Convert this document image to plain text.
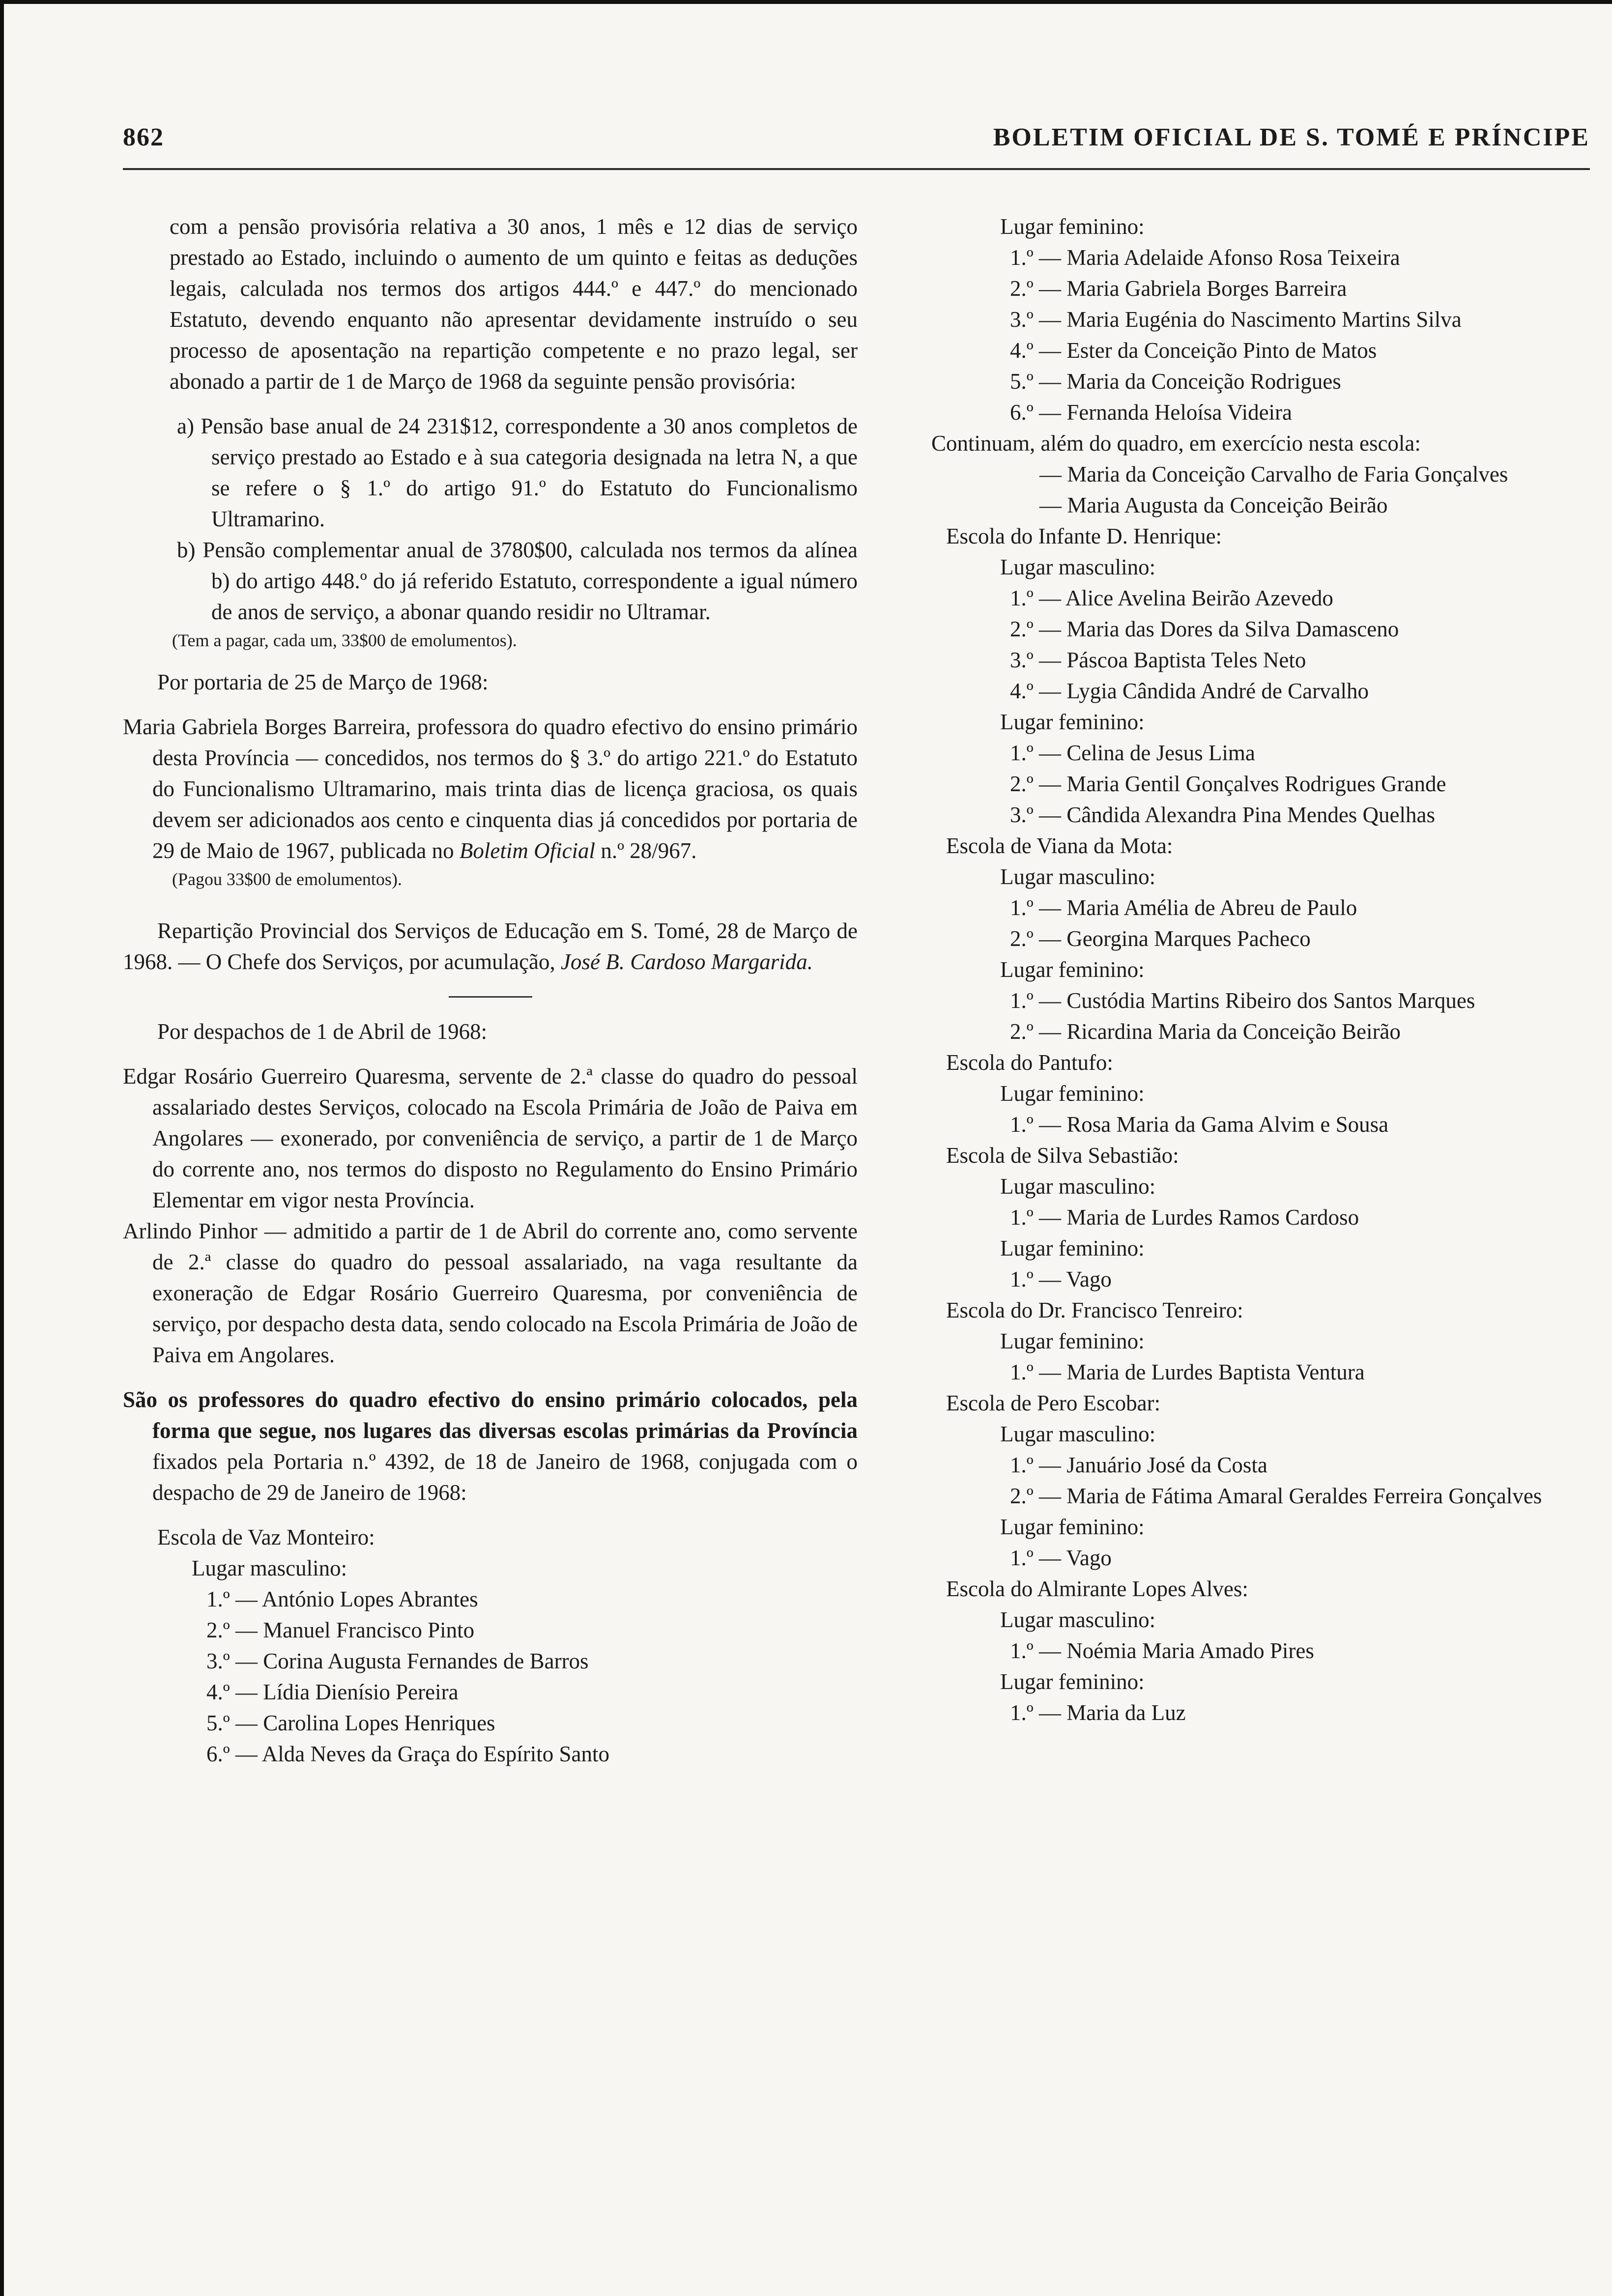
862	BOLETIM OFICIAL DE S. TOMÉ E PRÍNCIPE

com a pensão provisória relativa a 30 anos, 1 mês e 12 dias de serviço prestado ao Estado, incluindo o aumento de um quinto e feitas as deduções legais, calculada nos termos dos artigos 444.º e 447.º do mencionado Estatuto, devendo enquanto não apresentar devidamente instruído o seu processo de aposentação na repartição competente e no prazo legal, ser abonado a partir de 1 de Março de 1968 da seguinte pensão provisória:

a) Pensão base anual de 24 231$12, correspondente a 30 anos completos de serviço prestado ao Estado e à sua categoria designada na letra N, a que se refere o § 1.º do artigo 91.º do Estatuto do Funcionalismo Ultramarino.

b) Pensão complementar anual de 3780$00, calculada nos termos da alínea b) do artigo 448.º do já referido Estatuto, correspondente a igual número de anos de serviço, a abonar quando residir no Ultramar.

(Tem a pagar, cada um, 33$00 de emolumentos).

Por portaria de 25 de Março de 1968:

Maria Gabriela Borges Barreira, professora do quadro efectivo do ensino primário desta Província — concedidos, nos termos do § 3.º do artigo 221.º do Estatuto do Funcionalismo Ultramarino, mais trinta dias de licença graciosa, os quais devem ser adicionados aos cento e cinquenta dias já concedidos por portaria de 29 de Maio de 1967, publicada no Boletim Oficial n.º 28/967.

(Pagou 33$00 de emolumentos).

Repartição Provincial dos Serviços de Educação em S. Tomé, 28 de Março de 1968. — O Chefe dos Serviços, por acumulação, José B. Cardoso Margarida.

Por despachos de 1 de Abril de 1968:

Edgar Rosário Guerreiro Quaresma, servente de 2.ª classe do quadro do pessoal assalariado destes Serviços, colocado na Escola Primária de João de Paiva em Angolares — exonerado, por conveniência de serviço, a partir de 1 de Março do corrente ano, nos termos do disposto no Regulamento do Ensino Primário Elementar em vigor nesta Província.

Arlindo Pinhor — admitido a partir de 1 de Abril do corrente ano, como servente de 2.ª classe do quadro do pessoal assalariado, na vaga resultante da exoneração de Edgar Rosário Guerreiro Quaresma, por conveniência de serviço, por despacho desta data, sendo colocado na Escola Primária de João de Paiva em Angolares.

São os professores do quadro efectivo do ensino primário colocados, pela forma que segue, nos lugares das diversas escolas primárias da Província fixados pela Portaria n.º 4392, de 18 de Janeiro de 1968, conjugada com o despacho de 29 de Janeiro de 1968:

Escola de Vaz Monteiro:

Lugar masculino:

1.º — António Lopes Abrantes

2.º — Manuel Francisco Pinto

3.º — Corina Augusta Fernandes de Barros

4.º — Lídia Dienísio Pereira

5.º — Carolina Lopes Henriques

6.º — Alda Neves da Graça do Espírito Santo

Lugar feminino:

1.º — Maria Adelaide Afonso Rosa Teixeira

2.º — Maria Gabriela Borges Barreira

3.º — Maria Eugénia do Nascimento Martins Silva

4.º — Ester da Conceição Pinto de Matos

5.º — Maria da Conceição Rodrigues

6.º — Fernanda Heloísa Videira

Continuam, além do quadro, em exercício nesta escola:

— Maria da Conceição Carvalho de Faria Gonçalves

— Maria Augusta da Conceição Beirão

Escola do Infante D. Henrique:

Lugar masculino:

1.º — Alice Avelina Beirão Azevedo

2.º — Maria das Dores da Silva Damasceno

3.º — Páscoa Baptista Teles Neto

4.º — Lygia Cândida André de Carvalho

Lugar feminino:

1.º — Celina de Jesus Lima

2.º — Maria Gentil Gonçalves Rodrigues Grande

3.º — Cândida Alexandra Pina Mendes Quelhas

Escola de Viana da Mota:

Lugar masculino:

1.º — Maria Amélia de Abreu de Paulo

2.º — Georgina Marques Pacheco

Lugar feminino:

1.º — Custódia Martins Ribeiro dos Santos Marques

2.º — Ricardina Maria da Conceição Beirão

Escola do Pantufo:

Lugar feminino:

1.º — Rosa Maria da Gama Alvim e Sousa

Escola de Silva Sebastião:

Lugar masculino:

1.º — Maria de Lurdes Ramos Cardoso

Lugar feminino:

1.º — Vago

Escola do Dr. Francisco Tenreiro:

Lugar feminino:

1.º — Maria de Lurdes Baptista Ventura

Escola de Pero Escobar:

Lugar masculino:

1.º — Januário José da Costa

2.º — Maria de Fátima Amaral Geraldes Ferreira Gonçalves

Lugar feminino:

1.º — Vago

Escola do Almirante Lopes Alves:

Lugar masculino:

1.º — Noémia Maria Amado Pires

Lugar feminino:

1.º — Maria da Luz
